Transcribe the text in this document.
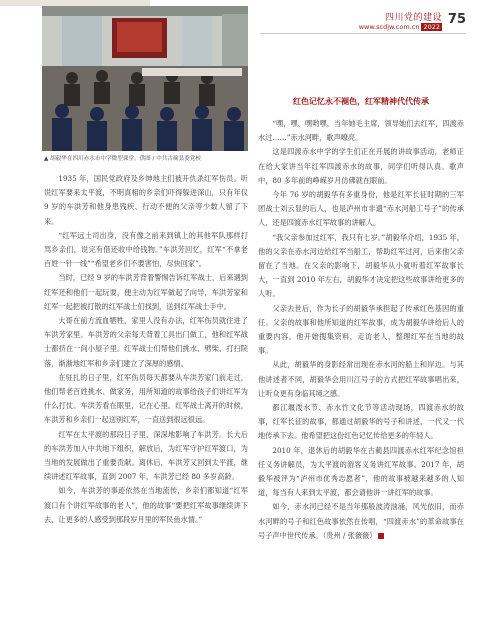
四川党的建设
www.scdjw.com.cn 2022 75
▲ 胡毅华在四川赤水市中学微型课堂。供图 / 中共古蔺县委党校

1935 年，国民党政府及乡绅地主们被开仇杀红军伤员。听说红军要来太平渡，不明真相的乡亲们吓得躲进深山，只有年仅 9 岁的车洪芳和他身患残疾、行动不便的父亲等少数人留了下来。

“红军远土司出身，没有像之前来到镇上的其他军队那样打骂乡亲们，说完有借还收中给钱物。”车洪芳回忆，红军“不拿老百姓一针一线”“希望老乡们不要害怕，尽快回家”。

当时，已经 9 岁的车洪芳背着警惕告诉红军战士，后来遇到红军还和他们一起玩耍，便主动为红军做起了向导，车洪芳家和红军一起把被打散的红军战士们找到，送到红军战士手中。

大哥在前方流血牺牲，家里人没有办法，红军伤员就住进了车洪芳家里。车洪芳的父亲每天背着工具出门做工，他和红军战士都挤在一间小屋子里。红军战士们帮他们挑水、劈柴、打扫院落，渐渐地红军和乡亲们建立了深厚的感情。

在驻扎的日子里，红军伤员每天都要从车洪芳家门前走过，他们帮老百姓挑水、做家务，用所知道的故事给孩子们讲红军为什么打仗。车洪芳看在眼里，记在心里。红军战士离开的时候，车洪芳和乡亲们一起送别红军，一直送到很远很远。

红军在太平渡的那段日子里，深深地影响了车洪芳。长大后的车洪芳加入中共地下组织，解放后，为红军守护红军渡口，为当地的发展做出了重要贡献。离休后，车洪芳又回到太平渡，继续讲述红军故事，直到 2007 年，车洪芳已经 80 多岁高龄。

如今，车洪芳的事迹依然在当地流传，乡亲们都知道“红军渡口有个讲红军故事的老人”，他的故事“要把红军故事继续讲下去，让更多的人感受到那段岁月里的军民鱼水情。”

红色记忆永不褪色，红军精神代代传承

“嘿，嘿，嘿哟嘿，当年她毛主席，领导她们去红军，四渡赤水过……”赤水河畔，歌声嘹亮。

这是四渡赤水中学的学生们正在开展的讲故事活动，老师正在给大家讲当年红军四渡赤水的故事，同学们听得认真。歌声中，80 多年前的峥嵘岁月仿佛就在眼前。

今年 76 岁的胡毅华有多重身份，他是红军长征时期的三军团战士刘云显的后人，也是泸州市非遗“赤水河船工号子”的传承人，还是四渡赤水红军故事的讲解人。

“我父亲参加过红军，我只有七岁。”胡毅华介绍，1935 年，他的父亲在赤水河边给红军当船工，帮助红军过河，后来他父亲留在了当地。在父亲的影响下，胡毅华从小就听着红军故事长大，一直到 2010 年左右，胡毅华才决定把这些故事讲给更多的人听。

父亲去世后，作为长子的胡毅华承担起了传承红色基因的重任。父亲的故事和他所知道的红军故事，成为胡毅华讲给后人的重要内容。他开始搜集资料，走访老人，整理红军在当地的故事。

从此，胡毅华的身影经常出现在赤水河的船上和岸边。与其他讲述者不同，胡毅华会用川江号子的方式把红军故事唱出来，让听众更有身临其境之感。

都江堰泼水节、赤水竹文化节等活动现场，四渡赤水的故事，红军长征的故事，都通过胡毅华的号子和讲述，一代又一代地传承下去。他希望把这份红色记忆传给更多的年轻人。

2010 年，退休后的胡毅华在古蔺县四渡赤水红军纪念馆担任义务讲解员，为太平渡的游客义务讲红军故事。2017 年，胡毅华被评为“泸州市优秀志愿者”，他的故事被越来越多的人知道，每当有人来到太平渡，都会请他讲一讲红军的故事。

如今，赤水河已经不是当年那般波涛汹涌，风光依旧，而赤水河畔的号子和红色故事依然在传唱，“四渡赤水”的革命故事在号子声中世代传承。（贵州 / 张薇薇）
